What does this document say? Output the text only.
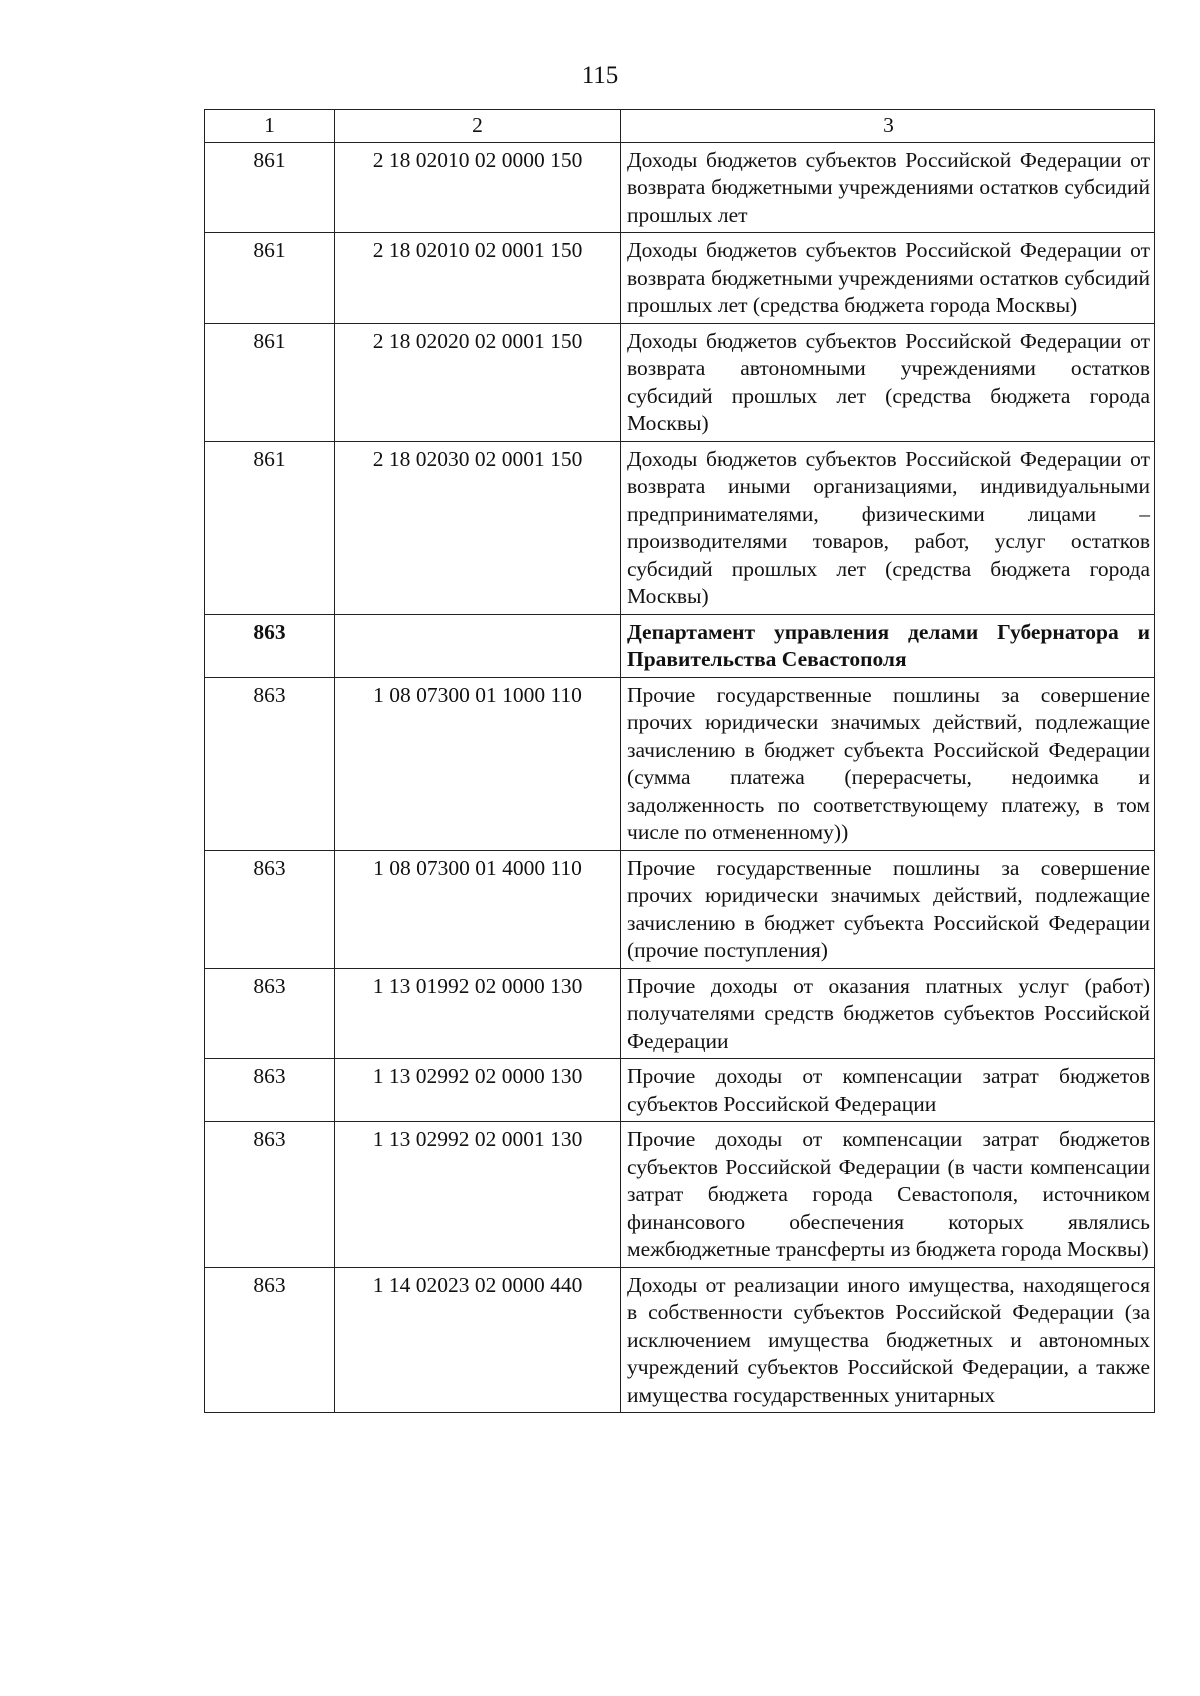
115
1	2	3
861	2 18 02010 02 0000 150	Доходы бюджетов субъектов Российской Федерации от возврата бюджетными учреждениями остатков субсидий прошлых лет
861	2 18 02010 02 0001 150	Доходы бюджетов субъектов Российской Федерации от возврата бюджетными учреждениями остатков субсидий прошлых лет (средства бюджета города Москвы)
861	2 18 02020 02 0001 150	Доходы бюджетов субъектов Российской Федерации от возврата автономными учреждениями остатков субсидий прошлых лет (средства бюджета города Москвы)
861	2 18 02030 02 0001 150	Доходы бюджетов субъектов Российской Федерации от возврата иными организациями, индивидуальными предпринимателями, физическими лицами – производителями товаров, работ, услуг остатков субсидий прошлых лет (средства бюджета города Москвы)
863		Департамент управления делами Губернатора и Правительства Севастополя
863	1 08 07300 01 1000 110	Прочие государственные пошлины за совершение прочих юридически значимых действий, подлежащие зачислению в бюджет субъекта Российской Федерации (сумма платежа (перерасчеты, недоимка и задолженность по соответствующему платежу, в том числе по отмененному))
863	1 08 07300 01 4000 110	Прочие государственные пошлины за совершение прочих юридически значимых действий, подлежащие зачислению в бюджет субъекта Российской Федерации (прочие поступления)
863	1 13 01992 02 0000 130	Прочие доходы от оказания платных услуг (работ) получателями средств бюджетов субъектов Российской Федерации
863	1 13 02992 02 0000 130	Прочие доходы от компенсации затрат бюджетов субъектов Российской Федерации
863	1 13 02992 02 0001 130	Прочие доходы от компенсации затрат бюджетов субъектов Российской Федерации (в части компенсации затрат бюджета города Севастополя, источником финансового обеспечения которых являлись межбюджетные трансферты из бюджета города Москвы)
863	1 14 02023 02 0000 440	Доходы от реализации иного имущества, находящегося в собственности субъектов Российской Федерации (за исключением имущества бюджетных и автономных учреждений субъектов Российской Федерации, а также имущества государственных унитарных
